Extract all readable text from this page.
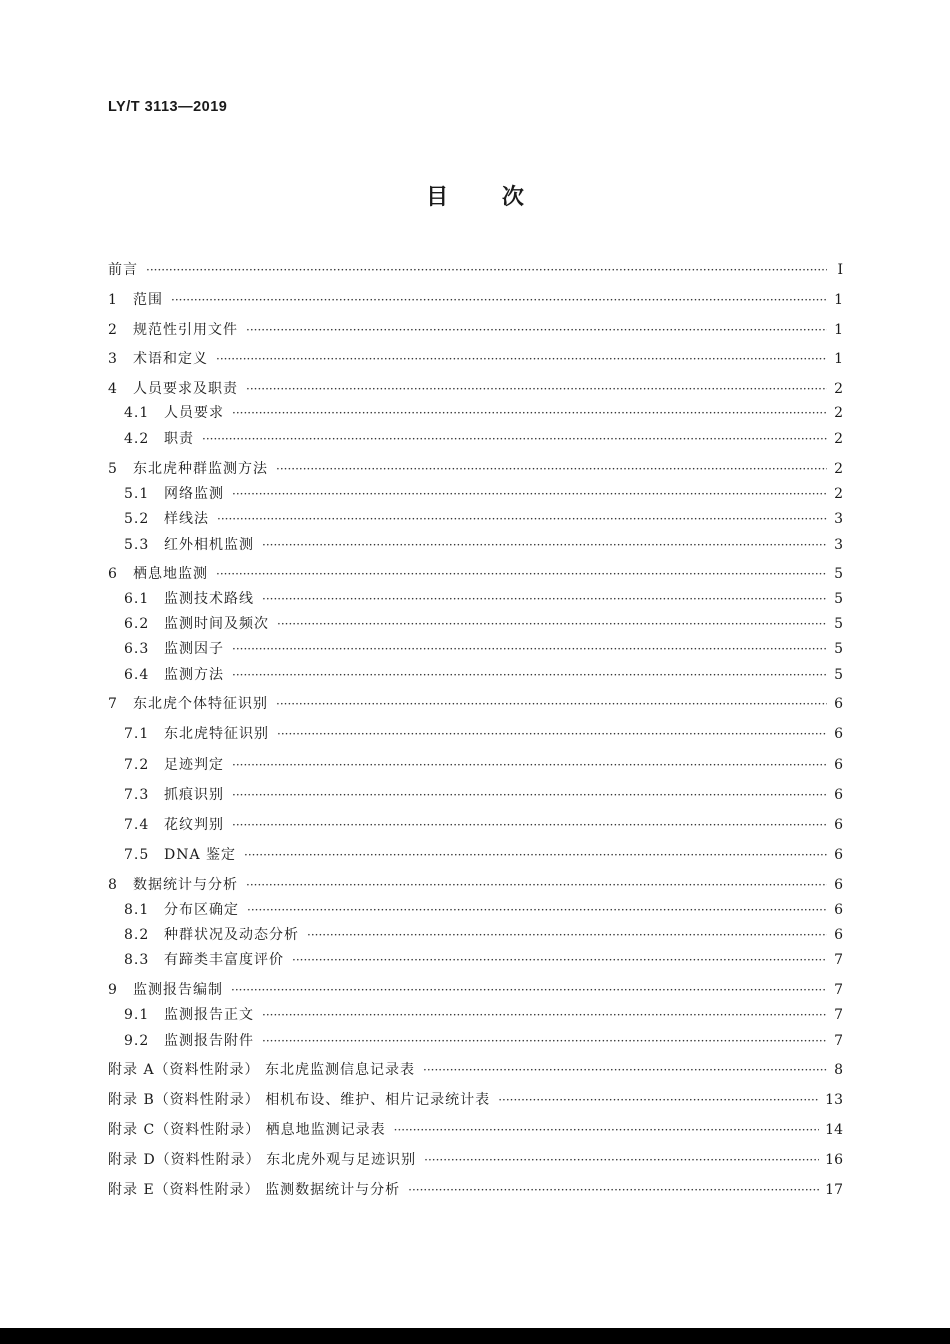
LY/T 3113—2019
目 次
前言 ·····	Ⅰ
1	范围 ·····	1
2	规范性引用文件 ·····	1
3	术语和定义 ·····	1
4	人员要求及职责 ·····	2
4.1	人员要求 ·····	2
4.2	职责 ·····	2
5	东北虎种群监测方法 ·····	2
5.1	网络监测 ·····	2
5.2	样线法 ·····	3
5.3	红外相机监测 ·····	3
6	栖息地监测 ·····	5
6.1	监测技术路线 ·····	5
6.2	监测时间及频次 ·····	5
6.3	监测因子 ·····	5
6.4	监测方法 ·····	5
7	东北虎个体特征识别 ·····	6
7.1	东北虎特征识别 ·····	6
7.2	足迹判定 ·····	6
7.3	抓痕识别 ·····	6
7.4	花纹判别 ·····	6
7.5	DNA 鉴定 ·····	6
8	数据统计与分析 ·····	6
8.1	分布区确定 ·····	6
8.2	种群状况及动态分析 ·····	6
8.3	有蹄类丰富度评价 ·····	7
9	监测报告编制 ·····	7
9.1	监测报告正文 ·····	7
9.2	监测报告附件 ·····	7
附录 A（资料性附录） 东北虎监测信息记录表 ·····	8
附录 B（资料性附录） 相机布设、维护、相片记录统计表 ·····	13
附录 C（资料性附录） 栖息地监测记录表 ·····	14
附录 D（资料性附录） 东北虎外观与足迹识别 ·····	16
附录 E（资料性附录） 监测数据统计与分析 ·····	17
